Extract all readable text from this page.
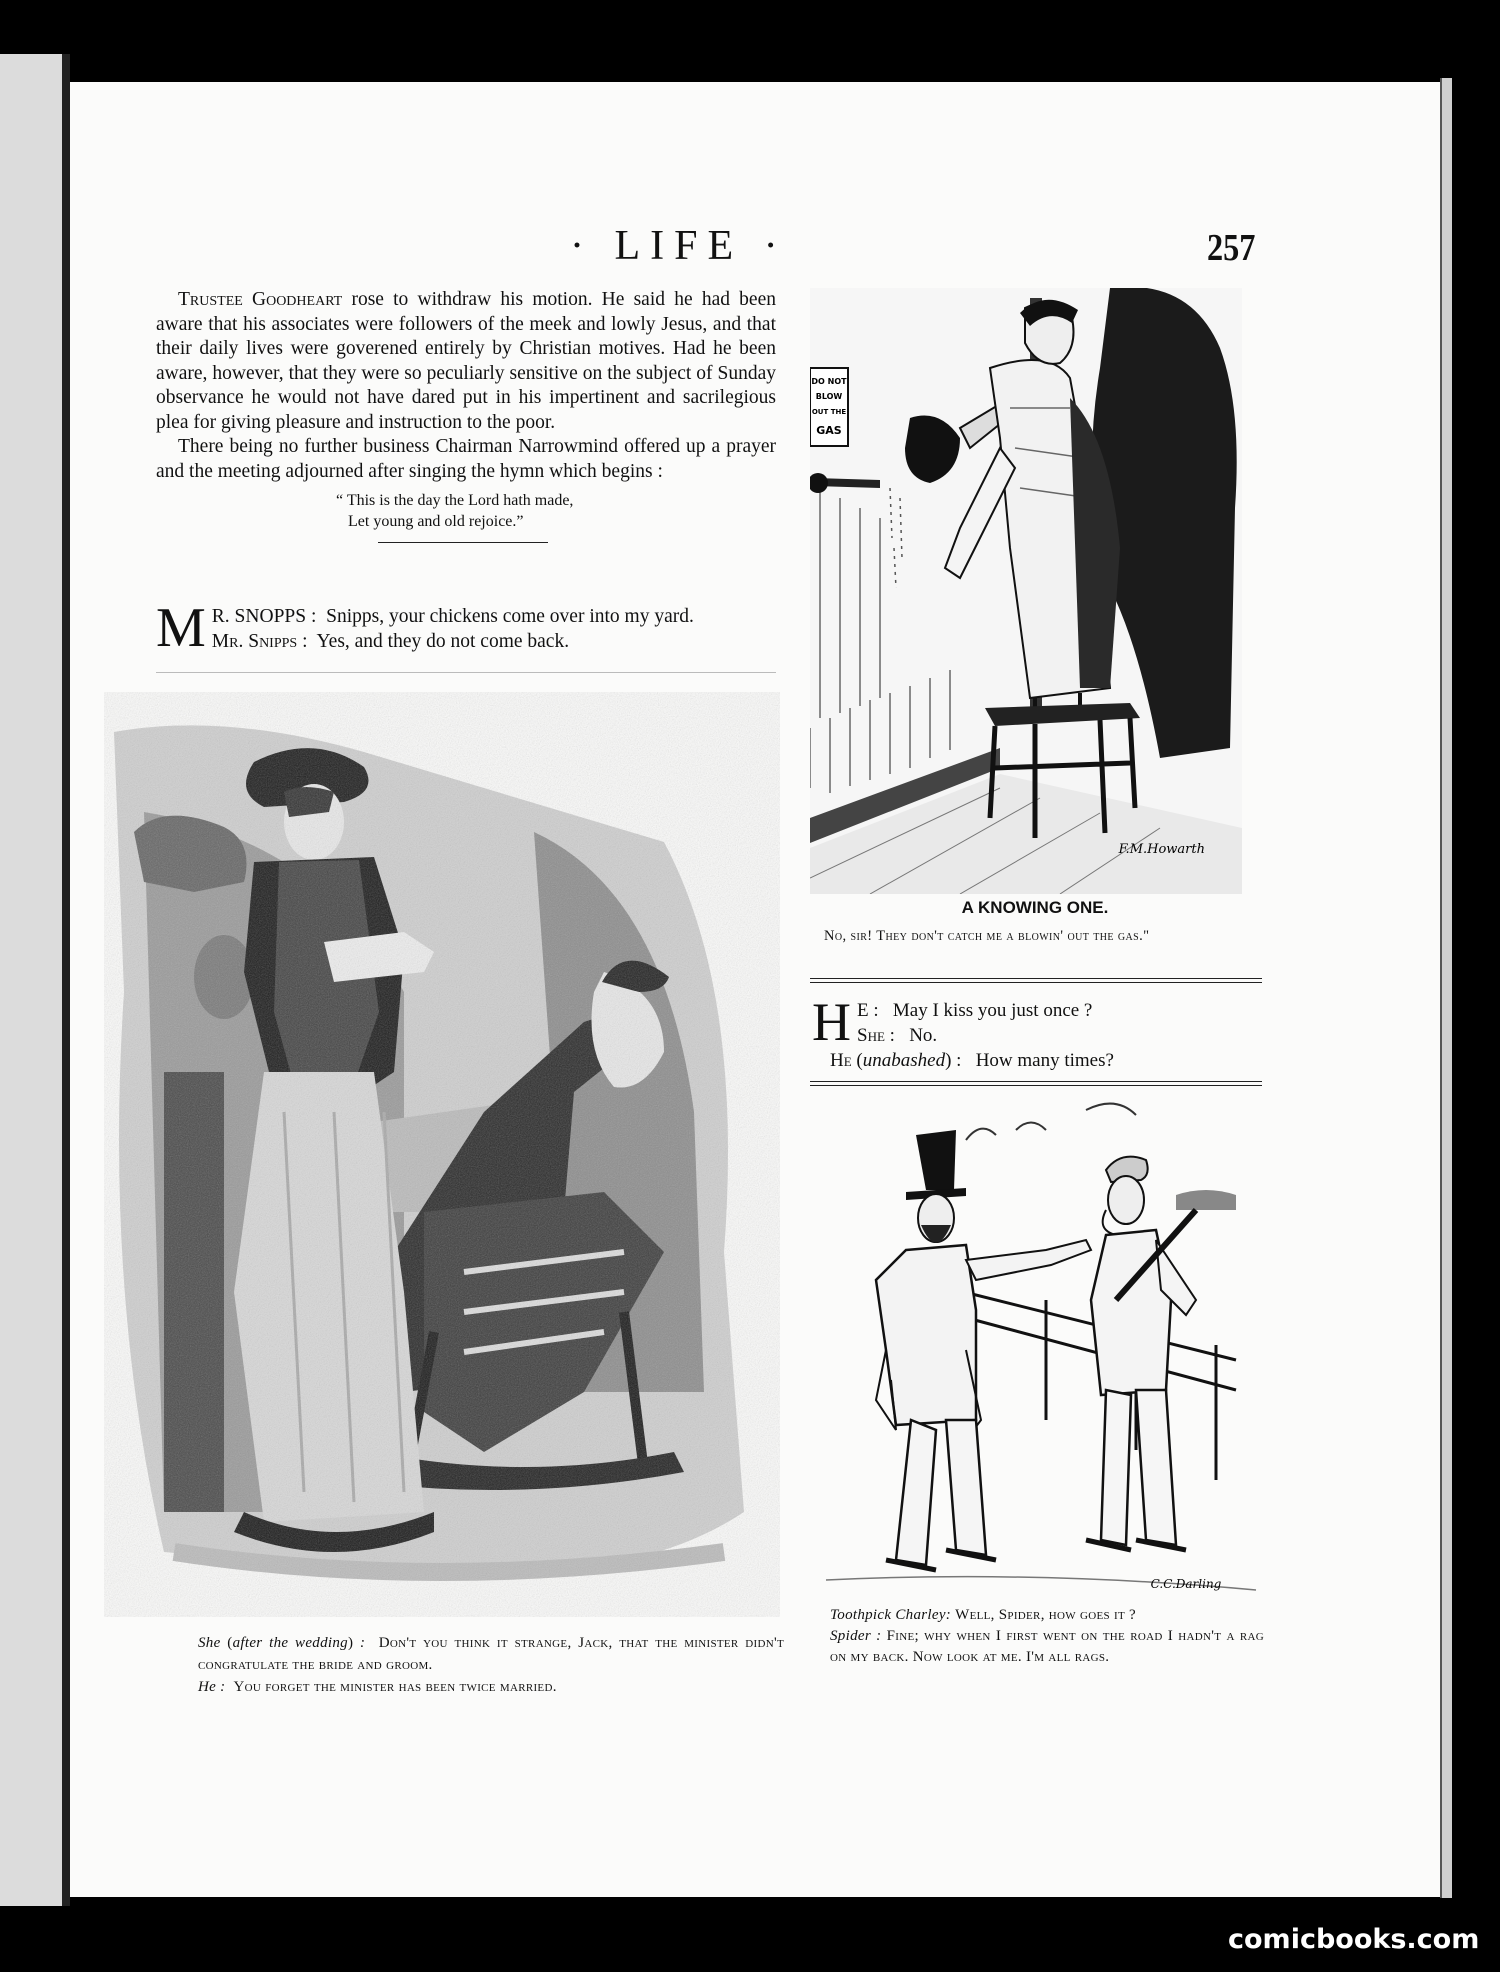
· LIFE ·	257

Trustee Goodheart rose to withdraw his motion. He said he had been aware that his associates were followers of the meek and lowly Jesus, and that their daily lives were goverened entirely by Christian motives. Had he been aware, however, that they were so peculiarly sensitive on the subject of Sunday observance he would not have dared put in his impertinent and sacrilegious plea for giving pleasure and instruction to the poor.

There being no further business Chairman Narrowmind offered up a prayer and the meeting adjourned after singing the hymn which begins :

“ This is the day the Lord hath made,
Let young and old rejoice.”
M R. SNOPPS : Snipps, your chickens come over into my yard.
Mr. Snipps : Yes, and they do not come back.

She (after the wedding) : Don't you think it strange, Jack, that the minister didn't congratulate the bride and groom.

He : You forget the minister has been twice married.

DO NOT
BLOW
OUT THE
GAS
F.M.Howarth
A KNOWING ONE.

No, sir! They don't catch me a blowin' out the gas."

H E : May I kiss you just once ?
She : No.
He (unabashed) :   How many times?
C.C.Darling

Toothpick Charley: Well, Spider, how goes it ?

Spider : Fine; why when I first went on the road I hadn't a rag on my back. Now look at me. I'm all rags.

comicbooks.com
